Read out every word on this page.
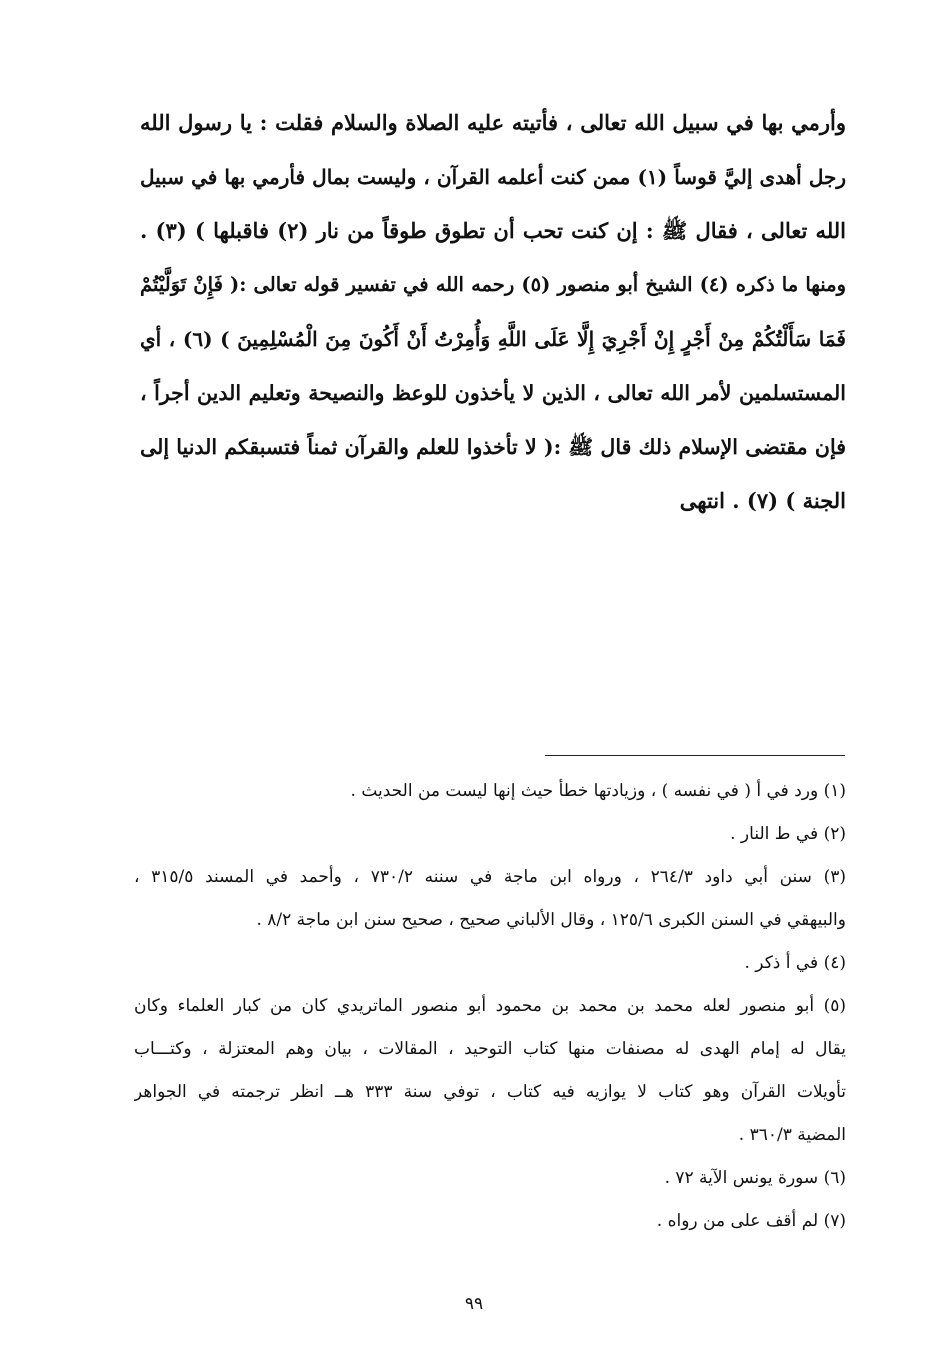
وأرمي بها في سبيل الله تعالى ، فأتيته عليه الصلاة والسلام فقلت : يا رسول الله
رجل أهدى إليَّ قوساً (١) ممن كنت أعلمه القرآن ، وليست بمال فأرمي بها في سبيل
الله تعالى ، فقال ﷺ : إن كنت تحب أن تطوق طوقاً من نار (٢) فاقبلها ) (٣) .
ومنها ما ذكره (٤) الشيخ أبو منصور (٥) رحمه الله في تفسير قوله تعالى :( فَإِنْ تَوَلَّيْتُمْ
فَمَا سَأَلْتُكُمْ مِنْ أَجْرٍ إِنْ أَجْرِيَ إِلَّا عَلَى اللَّهِ وَأُمِرْتُ أَنْ أَكُونَ مِنَ الْمُسْلِمِينَ ) (٦) ، أي
المستسلمين لأمر الله تعالى ، الذين لا يأخذون للوعظ والنصيحة وتعليم الدين أجراً ،
فإن مقتضى الإسلام ذلك قال ﷺ :( لا تأخذوا للعلم والقرآن ثمناً فتسبقكم الدنيا إلى
الجنة ) (٧) . انتهى
(١) ورد في أ ( في نفسه ) ، وزيادتها خطأ حيث إنها ليست من الحديث .
(٢) في ط النار .
(٣) سنن أبي داود ٢٦٤/٣ ، ورواه ابن ماجة في سننه ٧٣٠/٢ ، وأحمد في المسند ٣١٥/٥ ،
والبيهقي في السنن الكبرى ١٢٥/٦ ، وقال الألباني صحيح ، صحيح سنن ابن ماجة ٨/٢ .
(٤) في أ ذكر .
(٥) أبو منصور لعله محمد بن محمد بن محمود أبو منصور الماتريدي كان من كبار العلماء وكان
يقال له إمام الهدى له مصنفات منها كتاب التوحيد ، المقالات ، بيان وهم المعتزلة ، وكتـــاب
تأويلات القرآن وهو كتاب لا يوازيه فيه كتاب ، توفي سنة ٣٣٣ هــ انظر ترجمته في الجواهر
المضية ٣٦٠/٣ .
(٦) سورة يونس الآية ٧٢ .
(٧) لم أقف على من رواه .
٩٩
